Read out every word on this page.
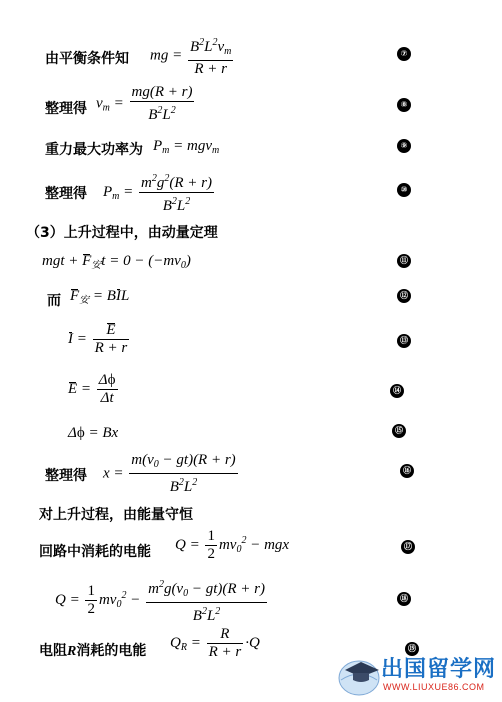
由平衡条件知 mg = $\frac{B^2L^2v_m}{R + r}$	⑦
整理得 $v_m = \frac{mg(R + r)}{B^2L^2}$	⑧
重力最大功率为 $P_m = mgv_m$	⑨
整理得 $P_m = \frac{m^2g^2(R + r)}{B^2L^2}$	⑩
（3）上升过程中，由动量定理
mgt + $F_安t = 0 - (-mv_0)$	⑪
而 $F_安$ = BIL	⑫
$I = \frac{E}{R + r}$	⑬
$E = \frac{\Delta\phi}{\Delta t}$	⑭
Δϕ = Bx	⑮
整理得 $x = \frac{m(v_0 - gt)(R + r)}{B^2L^2}$	⑯
对上升过程，由能量守恒
回路中消耗的电能 $Q = \frac{1}{2} mv_0^2$ − mgx	⑰
$Q = \frac{1}{2} mv_0^2 - \frac{m^2g(v_0 - gt)(R + r)}{B^2L^2}$	⑱
电阻R消耗的电能
$Q_R = \frac{R}{R + r} \cdot Q$	⑲
出国留学网
WWW.LIUXUE86.COM
